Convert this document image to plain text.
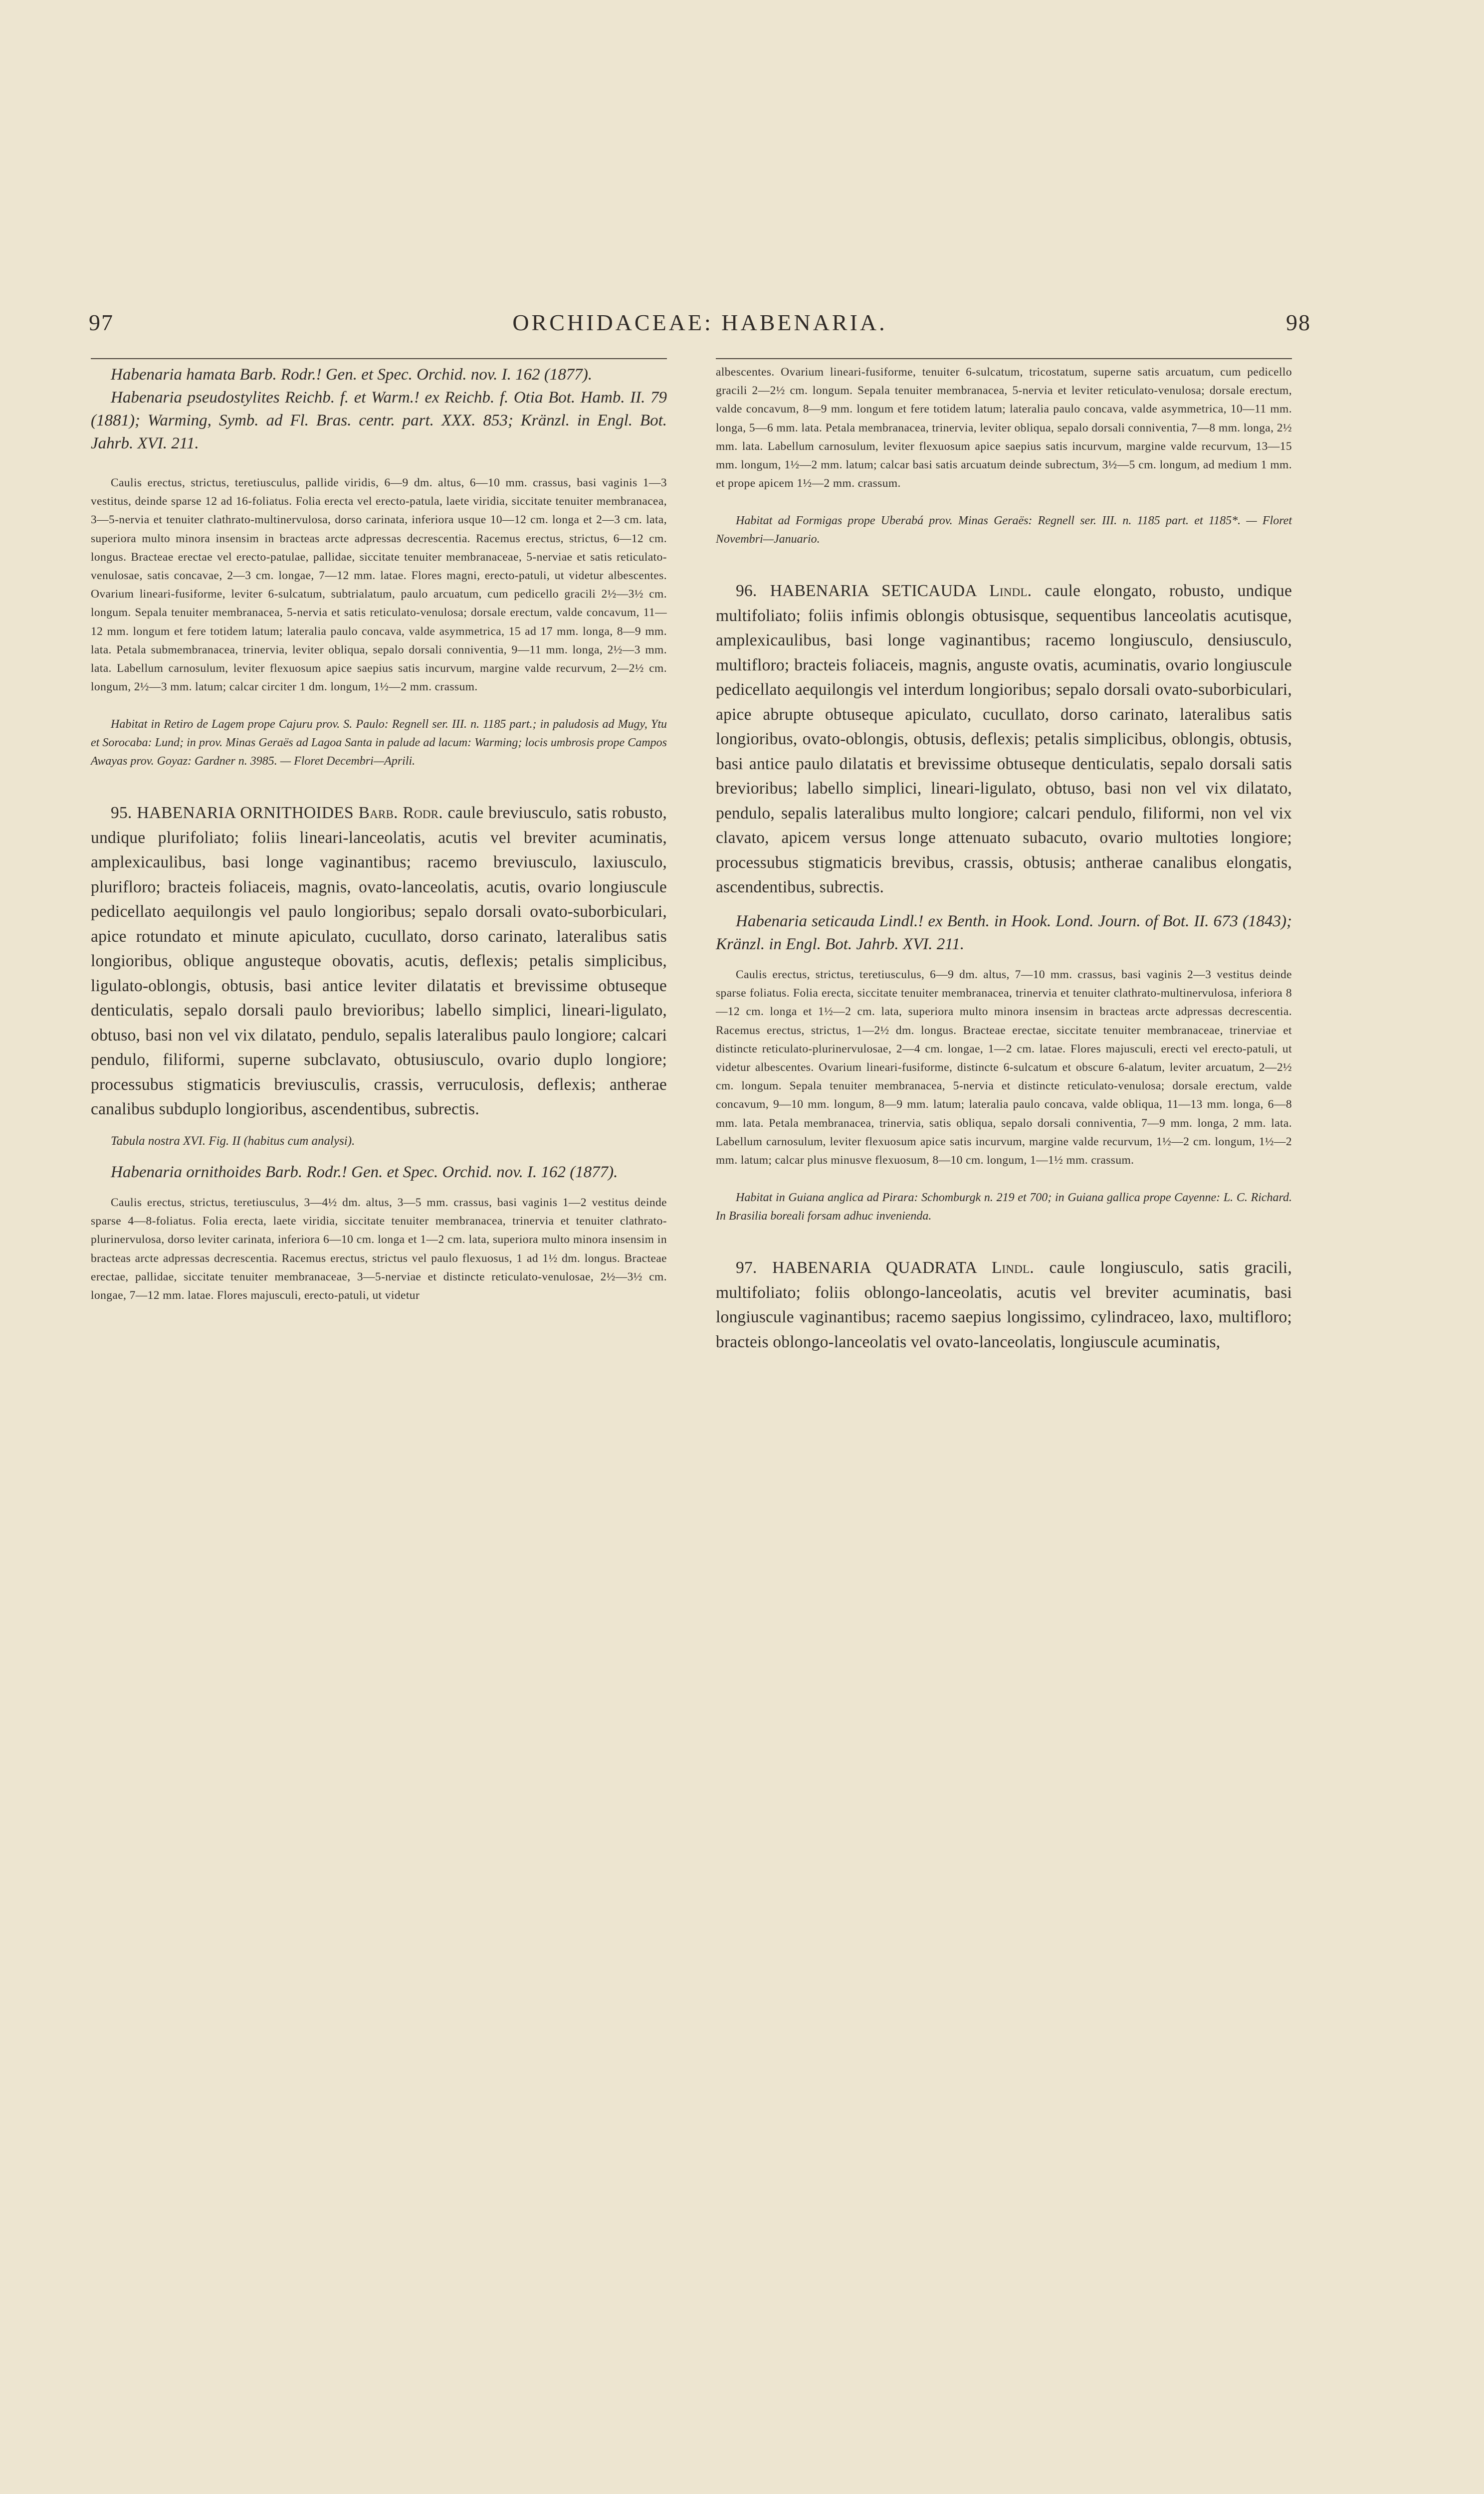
97	ORCHIDACEAE: HABENARIA.	98

Habenaria hamata Barb. Rodr.! Gen. et Spec. Orchid. nov. I. 162 (1877).

Habenaria pseudostylites Reichb. f. et Warm.! ex Reichb. f. Otia Bot. Hamb. II. 79 (1881); Warming, Symb. ad Fl. Bras. centr. part. XXX. 853; Kränzl. in Engl. Bot. Jahrb. XVI. 211.

Caulis erectus, strictus, teretiusculus, pallide viridis, 6—9 dm. altus, 6—10 mm. crassus, basi vaginis 1—3 vestitus, deinde sparse 12 ad 16-foliatus. Folia erecta vel erecto-patula, laete viridia, siccitate tenuiter membranacea, 3—5-nervia et tenuiter clathrato-multinervulosa, dorso carinata, inferiora usque 10—12 cm. longa et 2—3 cm. lata, superiora multo minora insensim in bracteas arcte adpressas decrescentia. Racemus erectus, strictus, 6—12 cm. longus. Bracteae erectae vel erecto-patulae, pallidae, siccitate tenuiter membranaceae, 5-nerviae et satis reticulato-venulosae, satis concavae, 2—3 cm. longae, 7—12 mm. latae. Flores magni, erecto-patuli, ut videtur albescentes. Ovarium lineari-fusiforme, leviter 6-sulcatum, subtrialatum, paulo arcuatum, cum pedicello gracili 2½—3½ cm. longum. Sepala tenuiter membranacea, 5-nervia et satis reticulato-venulosa; dorsale erectum, valde concavum, 11—12 mm. longum et fere totidem latum; lateralia paulo concava, valde asymmetrica, 15 ad 17 mm. longa, 8—9 mm. lata. Petala submembranacea, trinervia, leviter obliqua, sepalo dorsali conniventia, 9—11 mm. longa, 2½—3 mm. lata. Labellum carnosulum, leviter flexuosum apice saepius satis incurvum, margine valde recurvum, 2—2½ cm. longum, 2½—3 mm. latum; calcar circiter 1 dm. longum, 1½—2 mm. crassum.

Habitat in Retiro de Lagem prope Cajuru prov. S. Paulo: Regnell ser. III. n. 1185 part.; in paludosis ad Mugy, Ytu et Sorocaba: Lund; in prov. Minas Geraës ad Lagoa Santa in palude ad lacum: Warming; locis umbrosis prope Campos Awayas prov. Goyaz: Gardner n. 3985. — Floret Decembri—Aprili.

95. HABENARIA ORNITHOIDES Barb. Rodr. caule breviusculo, satis robusto, undique plurifoliato; foliis lineari-lanceolatis, acutis vel breviter acuminatis, amplexicaulibus, basi longe vaginantibus; racemo breviusculo, laxiusculo, plurifloro; bracteis foliaceis, magnis, ovato-lanceolatis, acutis, ovario longiuscule pedicellato aequilongis vel paulo longioribus; sepalo dorsali ovato-suborbiculari, apice rotundato et minute apiculato, cucullato, dorso carinato, lateralibus satis longioribus, oblique angusteque obovatis, acutis, deflexis; petalis simplicibus, ligulato-oblongis, obtusis, basi antice leviter dilatatis et brevissime obtuseque denticulatis, sepalo dorsali paulo brevioribus; labello simplici, lineari-ligulato, obtuso, basi non vel vix dilatato, pendulo, sepalis lateralibus paulo longiore; calcari pendulo, filiformi, superne subclavato, obtusiusculo, ovario duplo longiore; processubus stigmaticis breviusculis, crassis, verruculosis, deflexis; antherae canalibus subduplo longioribus, ascendentibus, subrectis.

Tabula nostra XVI. Fig. II (habitus cum analysi).

Habenaria ornithoides Barb. Rodr.! Gen. et Spec. Orchid. nov. I. 162 (1877).

Caulis erectus, strictus, teretiusculus, 3—4½ dm. altus, 3—5 mm. crassus, basi vaginis 1—2 vestitus deinde sparse 4—8-foliatus. Folia erecta, laete viridia, siccitate tenuiter membranacea, trinervia et tenuiter clathrato-plurinervulosa, dorso leviter carinata, inferiora 6—10 cm. longa et 1—2 cm. lata, superiora multo minora insensim in bracteas arcte adpressas decrescentia. Racemus erectus, strictus vel paulo flexuosus, 1 ad 1½ dm. longus. Bracteae erectae, pallidae, siccitate tenuiter membranaceae, 3—5-nerviae et distincte reticulato-venulosae, 2½—3½ cm. longae, 7—12 mm. latae. Flores majusculi, erecto-patuli, ut videtur

albescentes. Ovarium lineari-fusiforme, tenuiter 6-sulcatum, tricostatum, superne satis arcuatum, cum pedicello gracili 2—2½ cm. longum. Sepala tenuiter membranacea, 5-nervia et leviter reticulato-venulosa; dorsale erectum, valde concavum, 8—9 mm. longum et fere totidem latum; lateralia paulo concava, valde asymmetrica, 10—11 mm. longa, 5—6 mm. lata. Petala membranacea, trinervia, leviter obliqua, sepalo dorsali conniventia, 7—8 mm. longa, 2½ mm. lata. Labellum carnosulum, leviter flexuosum apice saepius satis incurvum, margine valde recurvum, 13—15 mm. longum, 1½—2 mm. latum; calcar basi satis arcuatum deinde subrectum, 3½—5 cm. longum, ad medium 1 mm. et prope apicem 1½—2 mm. crassum.

Habitat ad Formigas prope Uberabá prov. Minas Geraës: Regnell ser. III. n. 1185 part. et 1185*. — Floret Novembri—Januario.

96. HABENARIA SETICAUDA Lindl. caule elongato, robusto, undique multifoliato; foliis infimis oblongis obtusisque, sequentibus lanceolatis acutisque, amplexicaulibus, basi longe vaginantibus; racemo longiusculo, densiusculo, multifloro; bracteis foliaceis, magnis, anguste ovatis, acuminatis, ovario longiuscule pedicellato aequilongis vel interdum longioribus; sepalo dorsali ovato-suborbiculari, apice abrupte obtuseque apiculato, cucullato, dorso carinato, lateralibus satis longioribus, ovato-oblongis, obtusis, deflexis; petalis simplicibus, oblongis, obtusis, basi antice paulo dilatatis et brevissime obtuseque denticulatis, sepalo dorsali satis brevioribus; labello simplici, lineari-ligulato, obtuso, basi non vel vix dilatato, pendulo, sepalis lateralibus multo longiore; calcari pendulo, filiformi, non vel vix clavato, apicem versus longe attenuato subacuto, ovario multoties longiore; processubus stigmaticis brevibus, crassis, obtusis; antherae canalibus elongatis, ascendentibus, subrectis.

Habenaria seticauda Lindl.! ex Benth. in Hook. Lond. Journ. of Bot. II. 673 (1843); Kränzl. in Engl. Bot. Jahrb. XVI. 211.

Caulis erectus, strictus, teretiusculus, 6—9 dm. altus, 7—10 mm. crassus, basi vaginis 2—3 vestitus deinde sparse foliatus. Folia erecta, siccitate tenuiter membranacea, trinervia et tenuiter clathrato-multinervulosa, inferiora 8—12 cm. longa et 1½—2 cm. lata, superiora multo minora insensim in bracteas arcte adpressas decrescentia. Racemus erectus, strictus, 1—2½ dm. longus. Bracteae erectae, siccitate tenuiter membranaceae, trinerviae et distincte reticulato-plurinervulosae, 2—4 cm. longae, 1—2 cm. latae. Flores majusculi, erecti vel erecto-patuli, ut videtur albescentes. Ovarium lineari-fusiforme, distincte 6-sulcatum et obscure 6-alatum, leviter arcuatum, 2—2½ cm. longum. Sepala tenuiter membranacea, 5-nervia et distincte reticulato-venulosa; dorsale erectum, valde concavum, 9—10 mm. longum, 8—9 mm. latum; lateralia paulo concava, valde obliqua, 11—13 mm. longa, 6—8 mm. lata. Petala membranacea, trinervia, satis obliqua, sepalo dorsali conniventia, 7—9 mm. longa, 2 mm. lata. Labellum carnosulum, leviter flexuosum apice satis incurvum, margine valde recurvum, 1½—2 cm. longum, 1½—2 mm. latum; calcar plus minusve flexuosum, 8—10 cm. longum, 1—1½ mm. crassum.

Habitat in Guiana anglica ad Pirara: Schomburgk n. 219 et 700; in Guiana gallica prope Cayenne: L. C. Richard. In Brasilia boreali forsam adhuc invenienda.

97. HABENARIA QUADRATA Lindl. caule longiusculo, satis gracili, multifoliato; foliis oblongo-lanceolatis, acutis vel breviter acuminatis, basi longiuscule vaginantibus; racemo saepius longissimo, cylindraceo, laxo, multifloro; bracteis oblongo-lanceolatis vel ovato-lanceolatis, longiuscule acuminatis,
